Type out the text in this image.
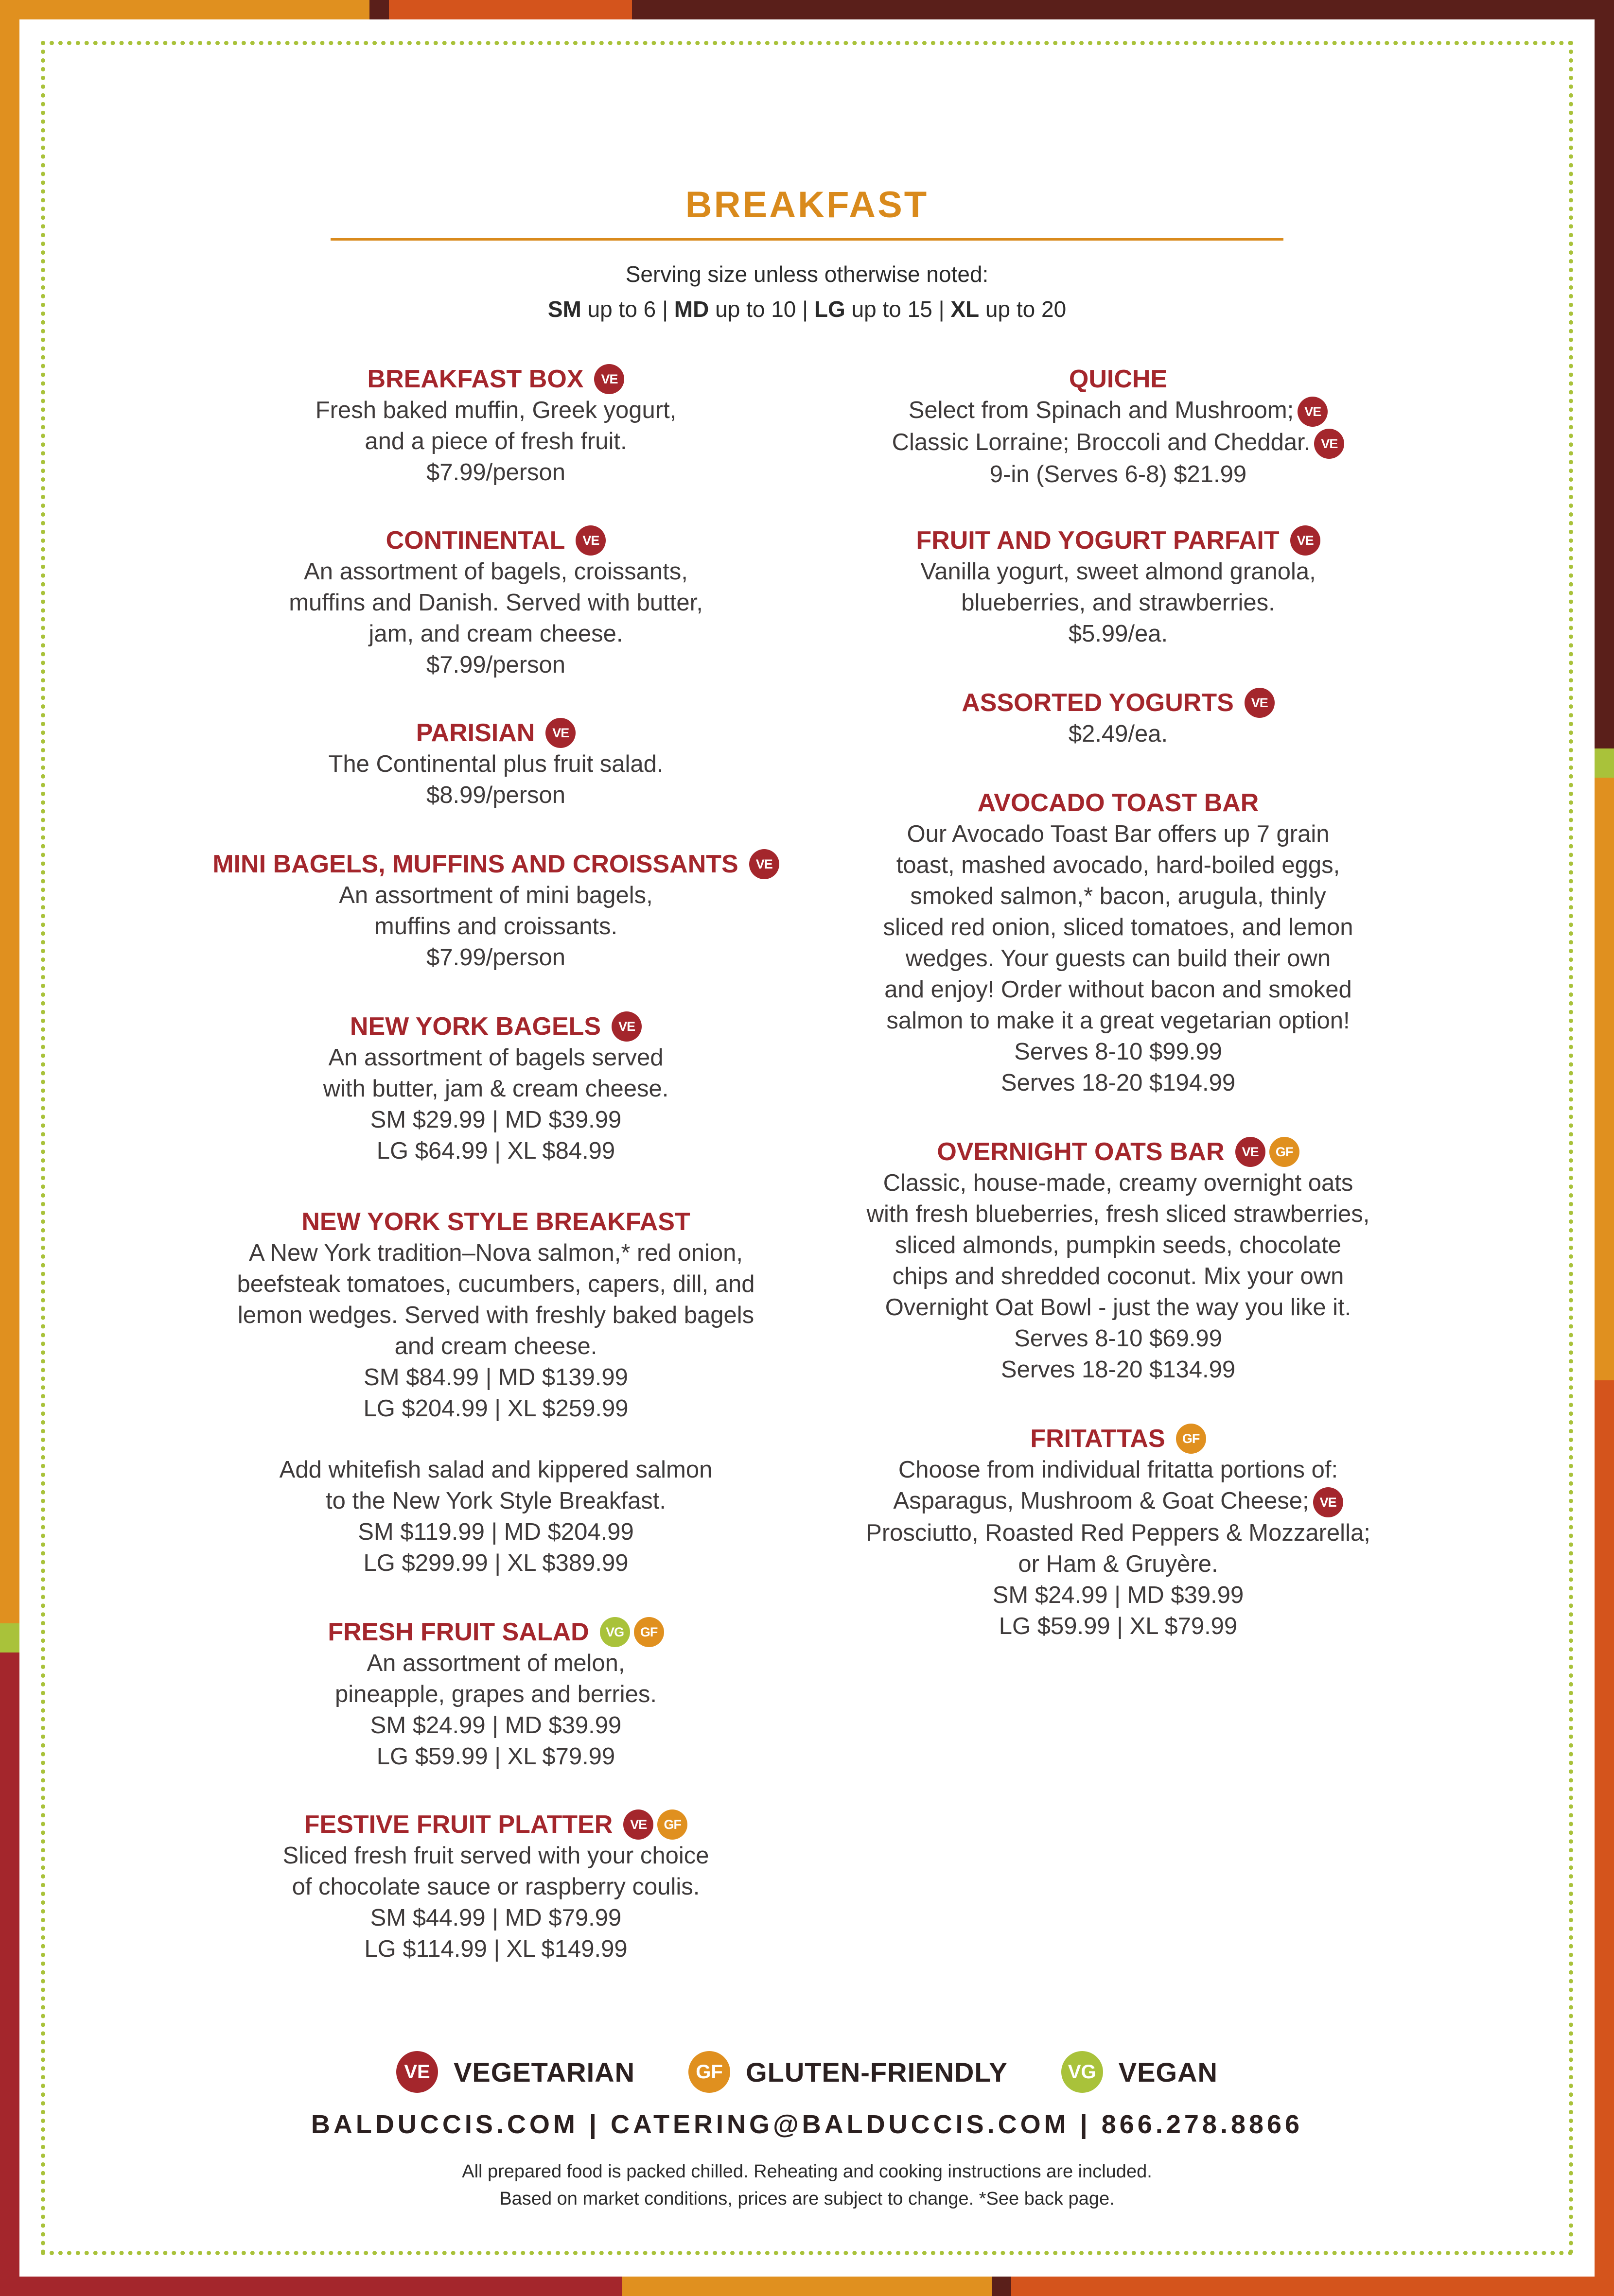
BREAKFAST
Serving size unless otherwise noted:
SM up to 6 | MD up to 10 | LG up to 15 | XL up to 20
BREAKFAST BOX	VE
Fresh baked muffin, Greek yogurt,
and a piece of fresh fruit.
$7.99/person
CONTINENTAL	VE
An assortment of bagels, croissants,
muffins and Danish. Served with butter,
jam, and cream cheese.
$7.99/person
PARISIAN	VE
The Continental plus fruit salad.
$8.99/person
MINI BAGELS, MUFFINS AND CROISSANTS	VE
An assortment of mini bagels,
muffins and croissants.
$7.99/person
NEW YORK BAGELS	VE
An assortment of bagels served
with butter, jam & cream cheese.
SM $29.99 | MD $39.99
LG $64.99 | XL $84.99
NEW YORK STYLE BREAKFAST
A New York tradition–Nova salmon,* red onion,
beefsteak tomatoes, cucumbers, capers, dill, and
lemon wedges. Served with freshly baked bagels
and cream cheese.
SM $84.99 | MD $139.99
LG $204.99 | XL $259.99
Add whitefish salad and kippered salmon
to the New York Style Breakfast.
SM $119.99 | MD $204.99
LG $299.99 | XL $389.99
FRESH FRUIT SALAD	VG	GF
An assortment of melon,
pineapple, grapes and berries.
SM $24.99 | MD $39.99
LG $59.99 | XL $79.99
FESTIVE FRUIT PLATTER	VE	GF
Sliced fresh fruit served with your choice
of chocolate sauce or raspberry coulis.
SM $44.99 | MD $79.99
LG $114.99 | XL $149.99
QUICHE
Select from Spinach and Mushroom; VE
Classic Lorraine; Broccoli and Cheddar. VE
9-in (Serves 6-8) $21.99
FRUIT AND YOGURT PARFAIT	VE
Vanilla yogurt, sweet almond granola,
blueberries, and strawberries.
$5.99/ea.
ASSORTED YOGURTS	VE
$2.49/ea.
AVOCADO TOAST BAR
Our Avocado Toast Bar offers up 7 grain
toast, mashed avocado, hard-boiled eggs,
smoked salmon,* bacon, arugula, thinly
sliced red onion, sliced tomatoes, and lemon
wedges. Your guests can build their own
and enjoy! Order without bacon and smoked
salmon to make it a great vegetarian option!
Serves 8-10 $99.99
Serves 18-20 $194.99
OVERNIGHT OATS BAR	VE	GF
Classic, house-made, creamy overnight oats
with fresh blueberries, fresh sliced strawberries,
sliced almonds, pumpkin seeds, chocolate
chips and shredded coconut. Mix your own
Overnight Oat Bowl - just the way you like it.
Serves 8-10 $69.99
Serves 18-20 $134.99
FRITATTAS	GF
Choose from individual fritatta portions of:
Asparagus, Mushroom & Goat Cheese; VE
Prosciutto, Roasted Red Peppers & Mozzarella;
or Ham & Gruyère.
SM $24.99 | MD $39.99
LG $59.99 | XL $79.99
VE VEGETARIAN	GF GLUTEN-FRIENDLY	VG VEGAN
BALDUCCIS.COM | CATERING@BALDUCCIS.COM | 866.278.8866
All prepared food is packed chilled. Reheating and cooking instructions are included.
Based on market conditions, prices are subject to change. *See back page.
